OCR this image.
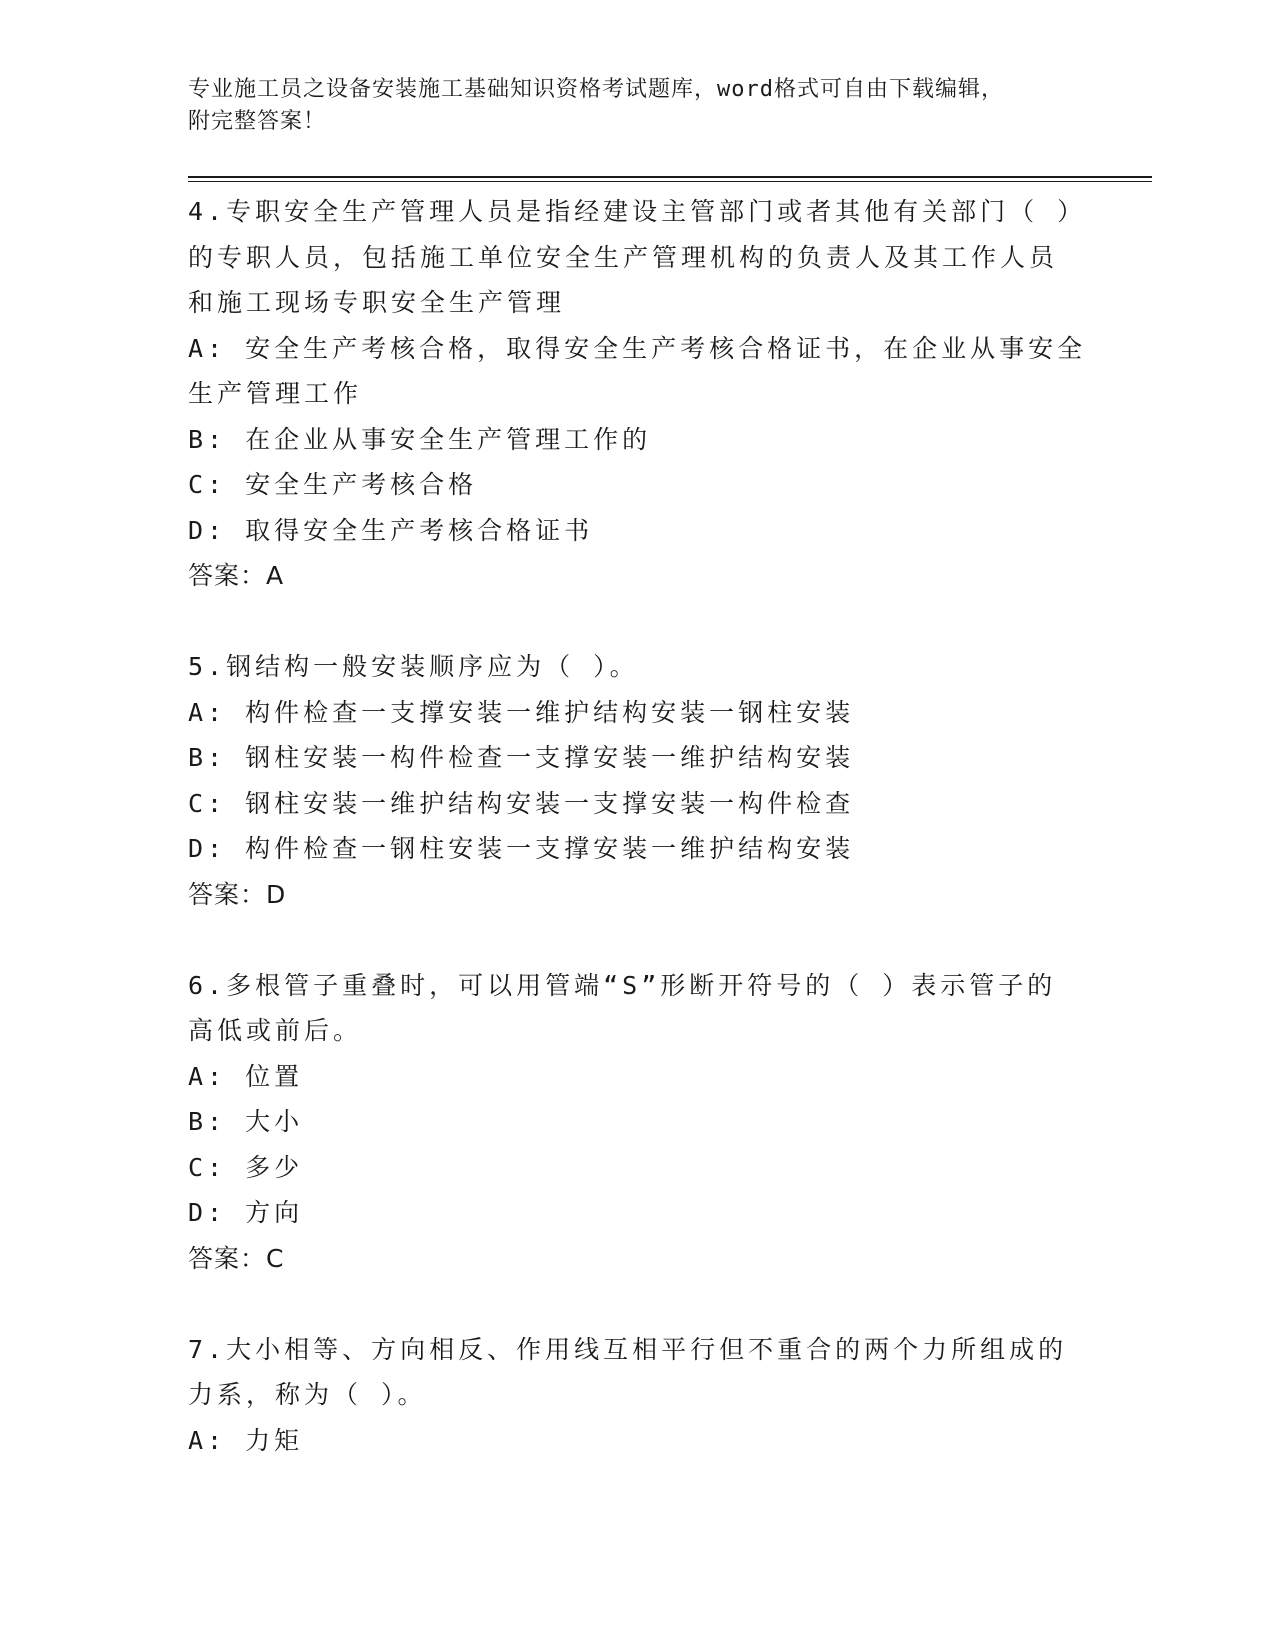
专业施工员之设备安装施工基础知识资格考试题库，word格式可自由下载编辑，
附完整答案！
4.专职安全生产管理人员是指经建设主管部门或者其他有关部门（ ）
的专职人员，包括施工单位安全生产管理机构的负责人及其工作人员
和施工现场专职安全生产管理
A: 安全生产考核合格，取得安全生产考核合格证书，在企业从事安全
生产管理工作
B: 在企业从事安全生产管理工作的
C: 安全生产考核合格
D: 取得安全生产考核合格证书
答案：A
5.钢结构一般安装顺序应为（ ）。
A: 构件检查一支撑安装一维护结构安装一钢柱安装
B: 钢柱安装一构件检查一支撑安装一维护结构安装
C: 钢柱安装一维护结构安装一支撑安装一构件检查
D: 构件检查一钢柱安装一支撑安装一维护结构安装
答案：D
6.多根管子重叠时，可以用管端“S”形断开符号的（ ）表示管子的
高低或前后。
A: 位置
B: 大小
C: 多少
D: 方向
答案：C
7.大小相等、方向相反、作用线互相平行但不重合的两个力所组成的
力系，称为（ ）。
A: 力矩
